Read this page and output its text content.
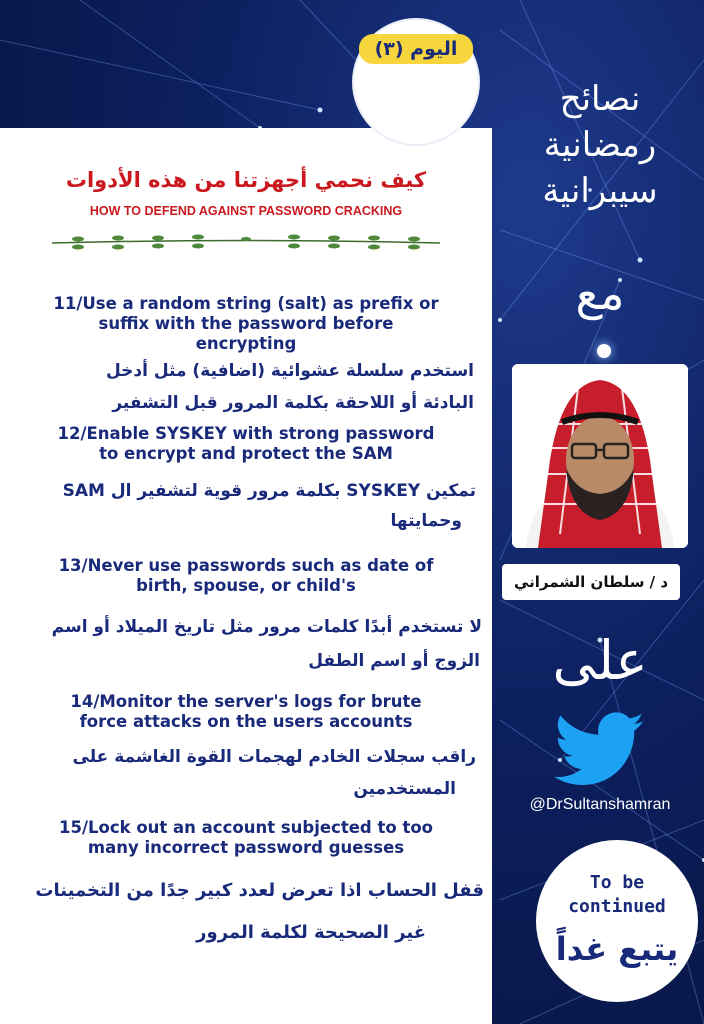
اليوم (٣)
كيف نحمي أجهزتنا من هذه الأدوات
HOW TO DEFEND AGAINST PASSWORD CRACKING
11/Use a random string (salt) as prefix or
suffix with the password before
encrypting
استخدم سلسلة عشوائية (اضافية) مثل أدخل
البادئة أو اللاحقة بكلمة المرور قبل التشفير
12/Enable SYSKEY with strong password
to encrypt and protect the SAM
تمكين SYSKEY بكلمة مرور قوية لتشفير ال SAM
وحمايتها
13/Never use passwords such as date of
birth, spouse, or child's
لا تستخدم أبدًا كلمات مرور مثل تاريخ الميلاد أو اسم
الزوج أو اسم الطفل
14/Monitor the server's logs for brute
force attacks on the users accounts
راقب سجلات الخادم لهجمات القوة الغاشمة على
المستخدمين
15/Lock out an account subjected to too
many incorrect password guesses
قفل الحساب اذا تعرض لعدد كبير جدًا من التخمينات
غير الصحيحة لكلمة المرور
نصائح
رمضانية
سيبرانية
مع
د / سلطان الشمراني
على
@DrSultanshamran
To be
continued
يتبع غداً
